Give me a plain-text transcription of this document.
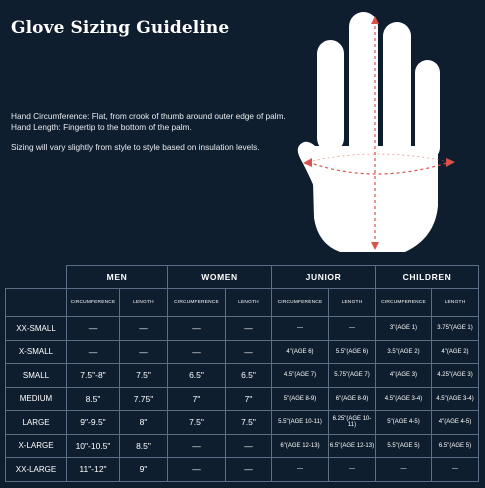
Glove Sizing Guideline
Hand Circumference: Flat, from crook of thumb around outer edge of palm.
Hand Length: Fingertip to the bottom of the palm.
Sizing will vary slightly from style to style based on insulation levels.
	MEN		WOMEN		JUNIOR		CHILDREN	
	CIRCUMFERENCE	LENGTH	CIRCUMFERENCE	LENGTH	CIRCUMFERENCE	LENGTH	CIRCUMFERENCE	LENGTH
XX-SMALL	—	—	—	—	—	—	3"(AGE 1)	3.75"(AGE 1)
X-SMALL	—	—	—	—	4"(AGE 6)	5.5"(AGE 6)	3.5"(AGE 2)	4"(AGE 2)
SMALL	7.5"-8"	7.5"	6.5"	6.5"	4.5"(AGE 7)	5.75"(AGE 7)	4"(AGE 3)	4.25"(AGE 3)
MEDIUM	8.5"	7.75"	7"	7"	5"(AGE 8-9)	6"(AGE 8-9)	4.5"(AGE 3-4)	4.5"(AGE 3-4)
LARGE	9"-9.5"	8"	7.5"	7.5"	5.5"(AGE 10-11)	6.25"(AGE 10-11)	5"(AGE 4-5)	4"(AGE 4-5)
X-LARGE	10"-10.5"	8.5"	—	—	6"(AGE 12-13)	6.5"(AGE 12-13)	5.5"(AGE 5)	6.5"(AGE 5)
XX-LARGE	11"-12"	9"	—	—	—	—	—	—
